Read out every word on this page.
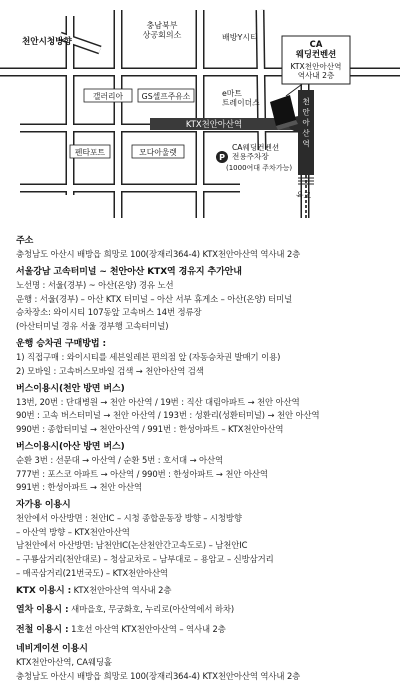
P
천안시청방향
충남북부 상공회의소	배방Y시티
CA 웨딩컨벤션
KTX천안아산역 역사내 2층
갤러리아 GS셀프주유소	e마트 트레이더스
펜타포트	모다아울렛
CA웨딩컨벤션 전용주차장
(1000여대 주차가능)
육교
KTX천안아산역
천 안 아 산 역
주소
충청남도 아산시 배방읍 희망로 100(장재리364-4) KTX천안아산역 역사내 2층
서울강남 고속터미널 ~ 천안아산 KTX역 경유지 추가안내
노선명 : 서울(경부) ~ 아산(온양) 경유 노선
운행 : 서울(경부) – 아산 KTX 터미널 – 아산 서부 휴게소 – 아산(온양) 터미널
승차장소: 와이시티 107동앞 고속버스 14번 정류장
(아산터미널 경유 서울 경부행 고속터미널)
운행 승차권 구매방법 :
1) 직접구매 : 와이시티를 세븐일레븐 편의점 앞 (자동승차권 발매기 이용)
2) 모바일 : 고속버스모바일 검색 → 천안아산역 검색
버스이용시(천안 방면 버스)
13번, 20번 : 단대병원 → 천안 아산역 / 19번 : 직산 대림아파트 → 천안 아산역
90번 : 고속 버스터미널 → 천안 아산역 / 193번 : 성환리(성환터미널) → 천안 아산역
990번 : 종합터미널 → 천안아산역 / 991번 : 한성아파트 – KTX천안아산역
버스이용시(아산 방면 버스)
순환 3번 : 선문대 → 아산역 / 순환 5번 : 호서대 → 아산역
777번 : 포스코 아파트 → 아산역 / 990번 : 한성아파트 → 천안 아산역
991번 : 한성아파트 → 천안 아산역
자가용 이용시
천안에서 아산방면 : 천안IC – 시청 종합운동장 방향 – 시청방향
– 아산역 방향 – KTX천안아산역
남천안에서 아산방면: 남천안IC(논산천안간고속도로) – 남천안IC
– 구룡삼거리(천안대로) – 청삼교차로 – 남부대로 – 용암교 – 신방삼거리
– 매곡삼거리(21번국도) – KTX천안아산역
KTX 이용시 : KTX천안아산역 역사내 2층
열차 이용시 : 새마을호, 무궁화호, 누리로(아산역에서 하차)
전철 이용시 : 1호선 아산역 KTX천안아산역 – 역사내 2층
네비게이션 이용시
KTX천안아산역, CA웨딩홀
충청남도 아산시 배방읍 희망로 100(장재리364-4) KTX천안아산역 역사내 2층
